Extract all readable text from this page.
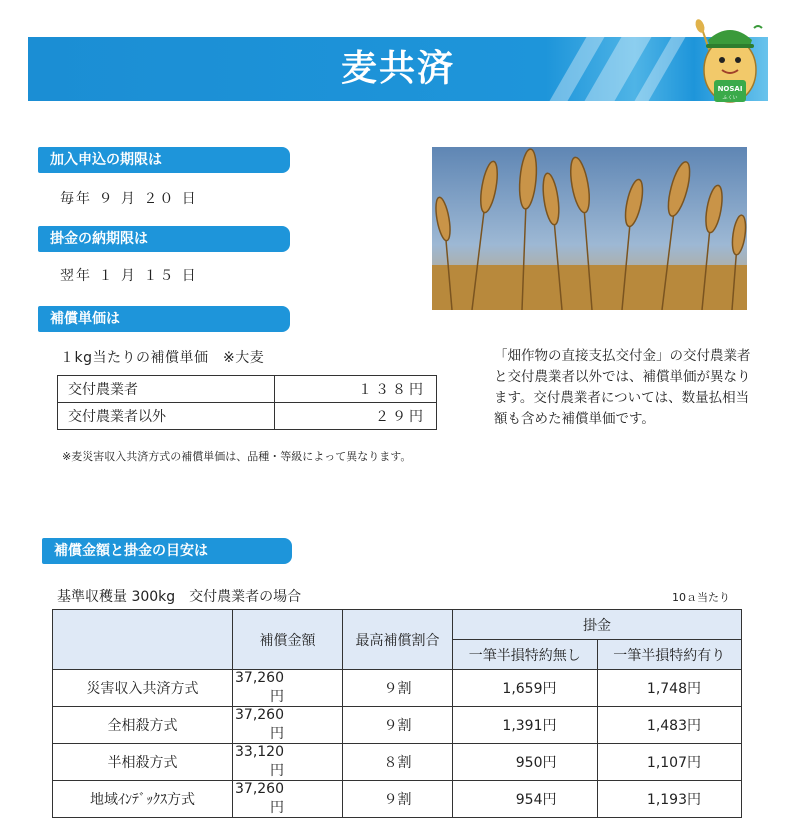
麦共済	NOSAI
ふくい
加入申込の期限は
毎年 ９ 月 ２０ 日
掛金の納期限は
翌年 １ 月 １５ 日
補償単価は
１kg当たりの補償単価　※大麦
交付農業者	１３８円
交付農業者以外	２９円
※麦災害収入共済方式の補償単価は、品種・等級によって異なります。
「畑作物の直接支払交付金」の交付農業者と交付農業者以外では、補償単価が異なります。交付農業者については、数量払相当額も含めた補償単価です。
補償金額と掛金の目安は
基準収穫量 300kg　交付農業者の場合	10ａ当たり
	補償金額	最高補償割合	掛金	
			一筆半損特約無し	一筆半損特約有り
災害収入共済方式	37,260円	９割	1,659円	1,748円
全相殺方式	37,260円	９割	1,391円	1,483円
半相殺方式	33,120円	８割	950円	1,107円
地域ｲﾝﾃﾞｯｸｽ方式	37,260円	９割	954円	1,193円
